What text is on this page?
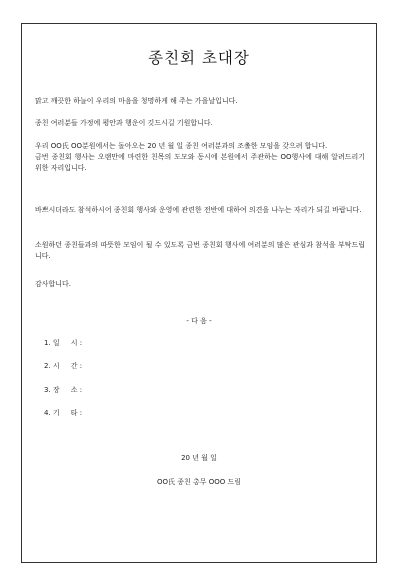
종친회 초대장
맑고 깨끗한 하늘이 우리의 마음을 청명하게 해 주는 가을날입니다.
종친 여러분들 가정에 평안과 행운이 깃드시길 기원합니다.
우리 OO氏 OO분원에서는 돌아오는 20 년 월 일 종친 여러분과의 조촐한 모임을 갖으려 합니다.
금번 종친회 행사는 오랜만에 마련한 친목의 도모와 동시에 본원에서 주관하는 OO행사에 대해 알려드리기 위한 자리입니다.
바쁘시더라도 참석하시어 종친회 행사와 운영에 관련한 전반에 대하여 의견을 나누는 자리가 되길 바랍니다.
소원하던 종친들과의 따뜻한 모임이 될 수 있도록 금번 종친회 행사에 여러분의 많은 관심과 참석을 부탁드립니다.
감사합니다.
- 다 음 -
1. 일     시 :
2. 시     간 :
3. 장     소 :
4. 기     타 :
20 년 월 일
OO氏 종친 총무 OOO 드림
